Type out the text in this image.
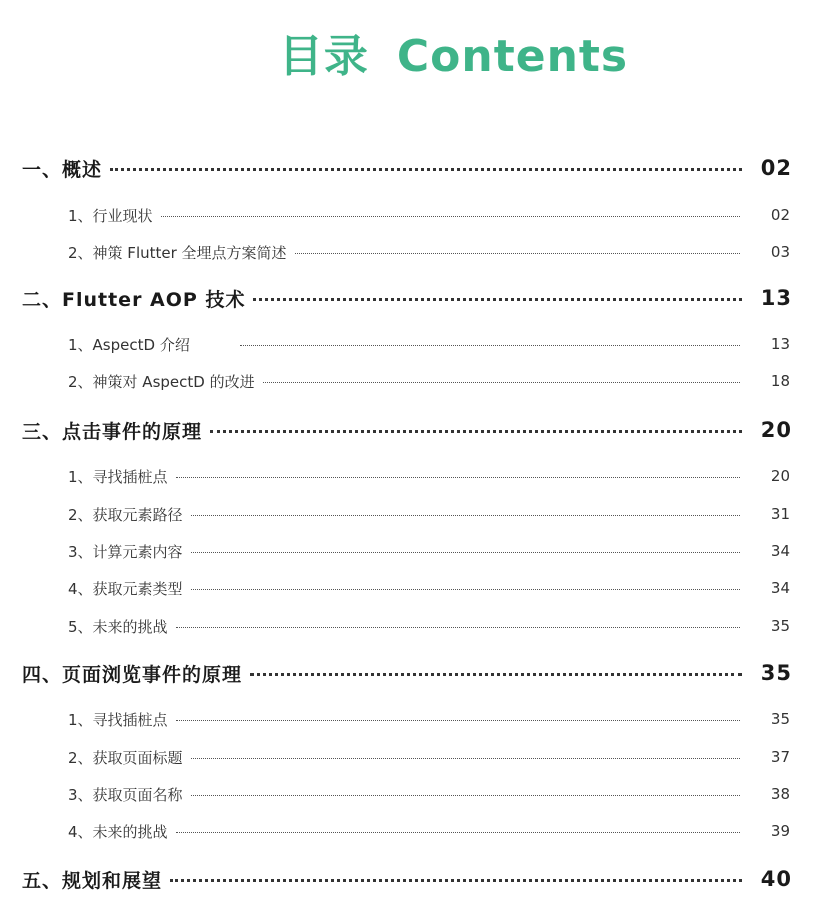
目录 Contents
一、概述	02
1、行业现状	02
2、神策 Flutter 全埋点方案简述	03
二、Flutter AOP 技术	13
1、AspectD 介绍	13
2、神策对 AspectD 的改进	18
三、点击事件的原理	20
1、寻找插桩点	20
2、获取元素路径	31
3、计算元素内容	34
4、获取元素类型	34
5、未来的挑战	35
四、页面浏览事件的原理	35
1、寻找插桩点	35
2、获取页面标题	37
3、获取页面名称	38
4、未来的挑战	39
五、规划和展望	40
